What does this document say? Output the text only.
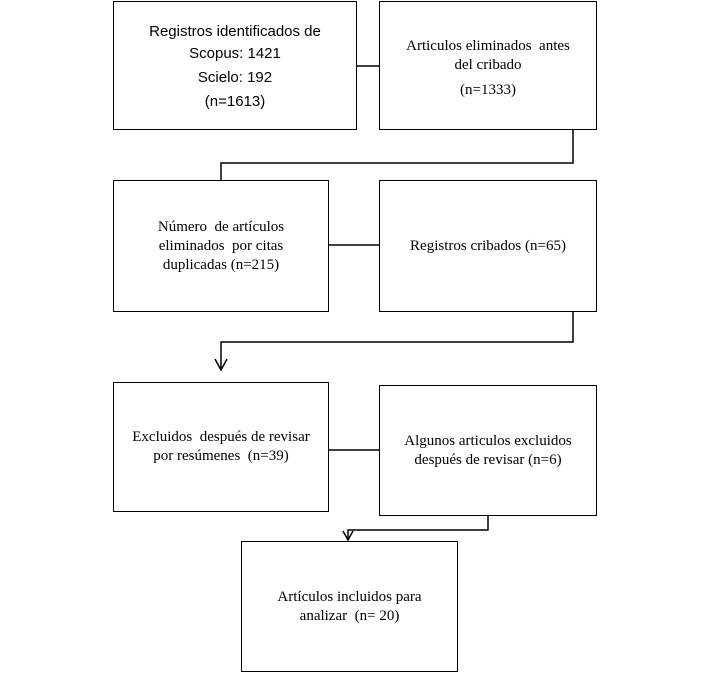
Registros identificados de
Scopus: 1421
Scielo: 192
(n=1613)
Articulos eliminados  antes
del cribado
(n=1333)
Número  de artículos
eliminados  por citas
duplicadas (n=215)
Registros cribados (n=65)
Excluidos  después de revisar
por resúmenes  (n=39)
Algunos articulos excluidos
después de revisar (n=6)
Artículos incluidos para
analizar  (n= 20)
